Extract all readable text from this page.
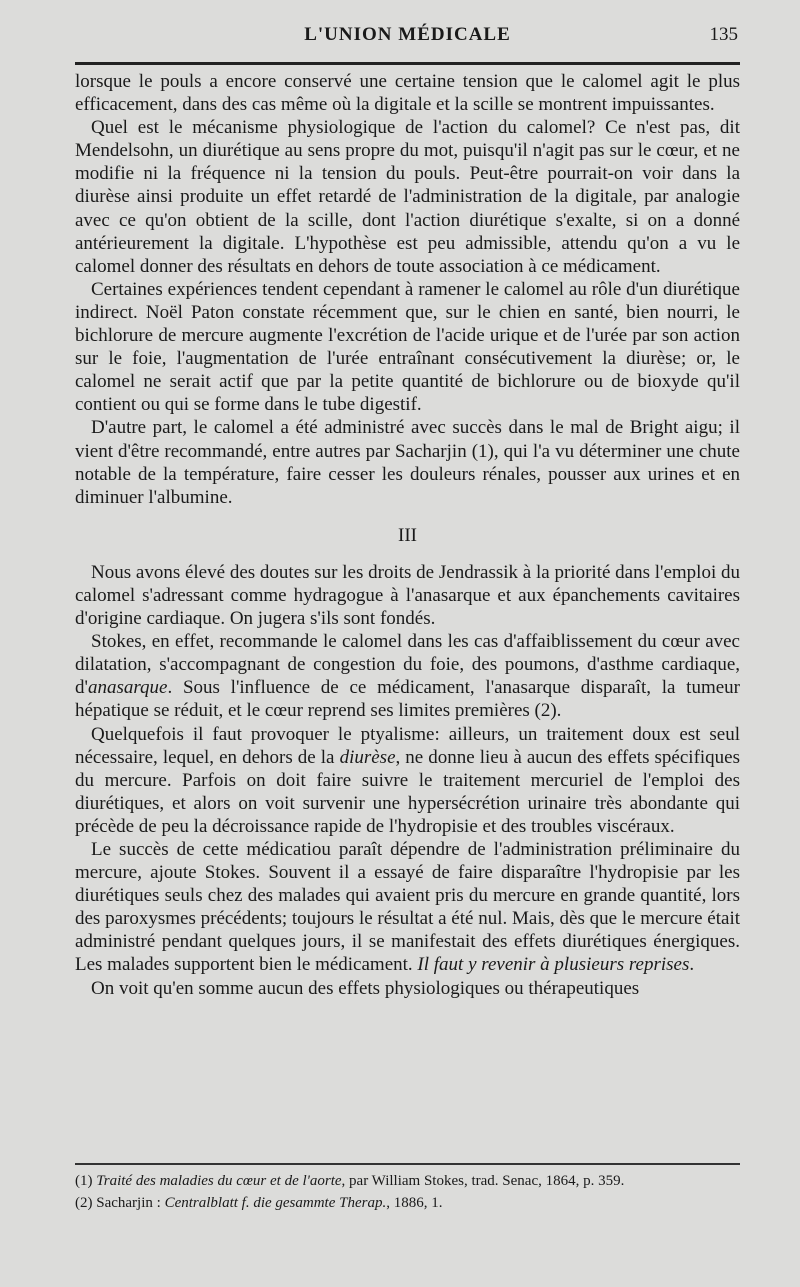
L'UNION MÉDICALE	135

lorsque le pouls a encore conservé une certaine tension que le calomel agit le plus efficacement, dans des cas même où la digitale et la scille se montrent impuissantes.

Quel est le mécanisme physiologique de l'action du calomel? Ce n'est pas, dit Mendelsohn, un diurétique au sens propre du mot, puisqu'il n'agit pas sur le cœur, et ne modifie ni la fréquence ni la tension du pouls. Peut-être pourrait-on voir dans la diurèse ainsi produite un effet retardé de l'administration de la digitale, par analogie avec ce qu'on obtient de la scille, dont l'action diurétique s'exalte, si on a donné antérieurement la digitale. L'hypothèse est peu admissible, attendu qu'on a vu le calomel donner des résultats en dehors de toute association à ce médicament.

Certaines expériences tendent cependant à ramener le calomel au rôle d'un diurétique indirect. Noël Paton constate récemment que, sur le chien en santé, bien nourri, le bichlorure de mercure augmente l'excrétion de l'acide urique et de l'urée par son action sur le foie, l'augmentation de l'urée entraînant consécutivement la diurèse; or, le calomel ne serait actif que par la petite quantité de bichlorure ou de bioxyde qu'il contient ou qui se forme dans le tube digestif.

D'autre part, le calomel a été administré avec succès dans le mal de Bright aigu; il vient d'être recommandé, entre autres par Sacharjin (1), qui l'a vu déterminer une chute notable de la température, faire cesser les douleurs rénales, pousser aux urines et en diminuer l'albumine.

III

Nous avons élevé des doutes sur les droits de Jendrassik à la priorité dans l'emploi du calomel s'adressant comme hydragogue à l'anasarque et aux épanchements cavitaires d'origine cardiaque. On jugera s'ils sont fondés.

Stokes, en effet, recommande le calomel dans les cas d'affaiblissement du cœur avec dilatation, s'accompagnant de congestion du foie, des poumons, d'asthme cardiaque, d'anasarque. Sous l'influence de ce médicament, l'anasarque disparaît, la tumeur hépatique se réduit, et le cœur reprend ses limites premières (2).

Quelquefois il faut provoquer le ptyalisme: ailleurs, un traitement doux est seul nécessaire, lequel, en dehors de la diurèse, ne donne lieu à aucun des effets spécifiques du mercure. Parfois on doit faire suivre le traitement mercuriel de l'emploi des diurétiques, et alors on voit survenir une hypersécrétion urinaire très abondante qui précède de peu la décroissance rapide de l'hydropisie et des troubles viscéraux.

Le succès de cette médicatiou paraît dépendre de l'administration préliminaire du mercure, ajoute Stokes. Souvent il a essayé de faire disparaître l'hydropisie par les diurétiques seuls chez des malades qui avaient pris du mercure en grande quantité, lors des paroxysmes précédents; toujours le résultat a été nul. Mais, dès que le mercure était administré pendant quelques jours, il se manifestait des effets diurétiques énergiques. Les malades supportent bien le médicament. Il faut y revenir à plusieurs reprises.

On voit qu'en somme aucun des effets physiologiques ou thérapeutiques

(1) Traité des maladies du cœur et de l'aorte, par William Stokes, trad. Senac, 1864, p. 359.

(2) Sacharjin : Centralblatt f. die gesammte Therap., 1886, 1.
